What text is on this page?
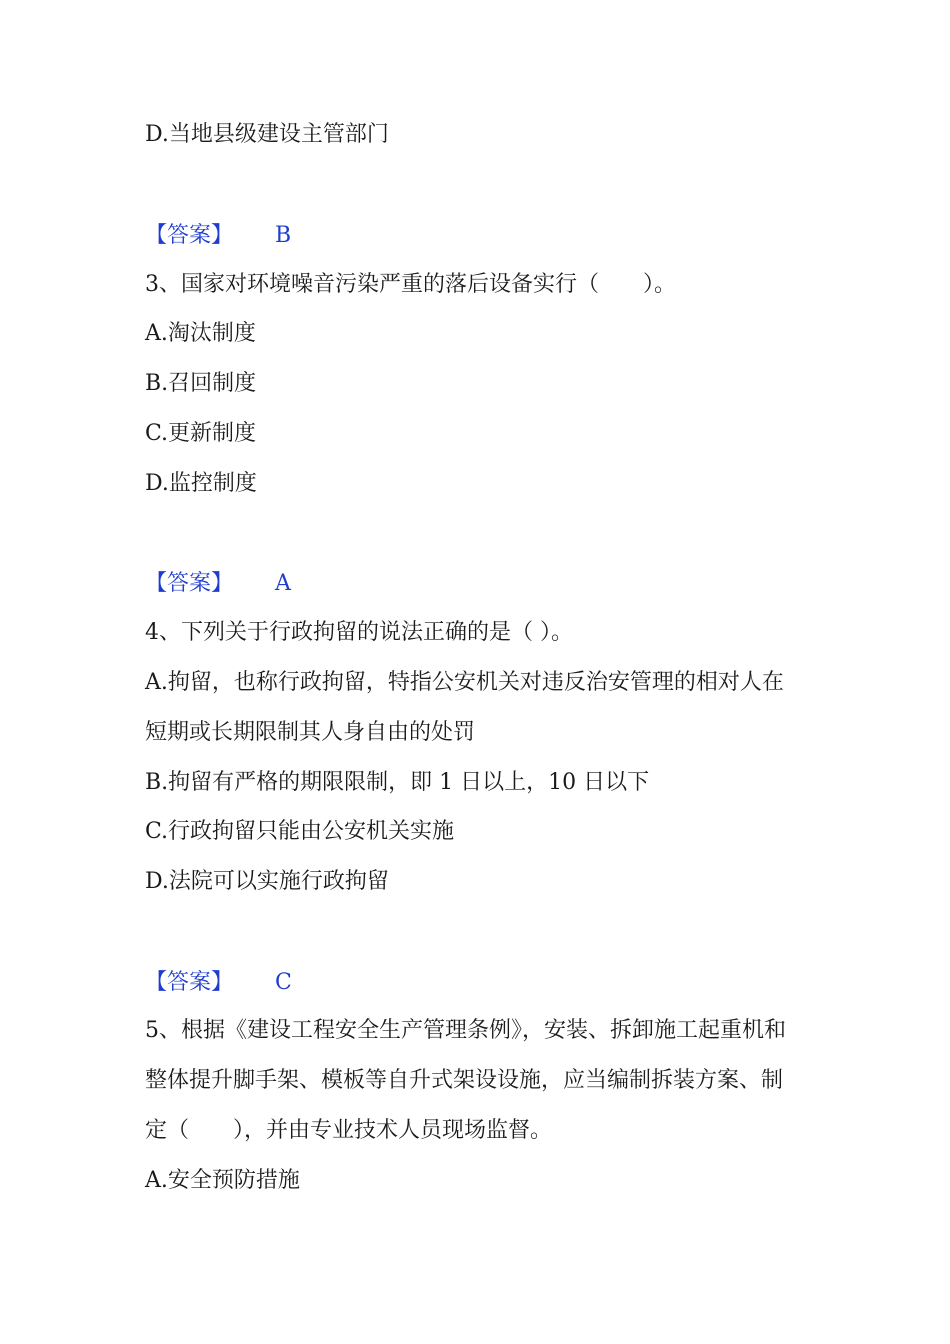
D.当地县级建设主管部门
【答案】 B
3、国家对环境噪音污染严重的落后设备实行（　　）。
A.淘汰制度
B.召回制度
C.更新制度
D.监控制度
【答案】 A
4、下列关于行政拘留的说法正确的是（ ）。
A.拘留，也称行政拘留，特指公安机关对违反治安管理的相对人在
短期或长期限制其人身自由的处罚
B.拘留有严格的期限限制，即 1 日以上，10 日以下
C.行政拘留只能由公安机关实施
D.法院可以实施行政拘留
【答案】 C
5、根据《建设工程安全生产管理条例》，安装、拆卸施工起重机和
整体提升脚手架、模板等自升式架设设施，应当编制拆装方案、制
定（　　），并由专业技术人员现场监督。
A.安全预防措施
